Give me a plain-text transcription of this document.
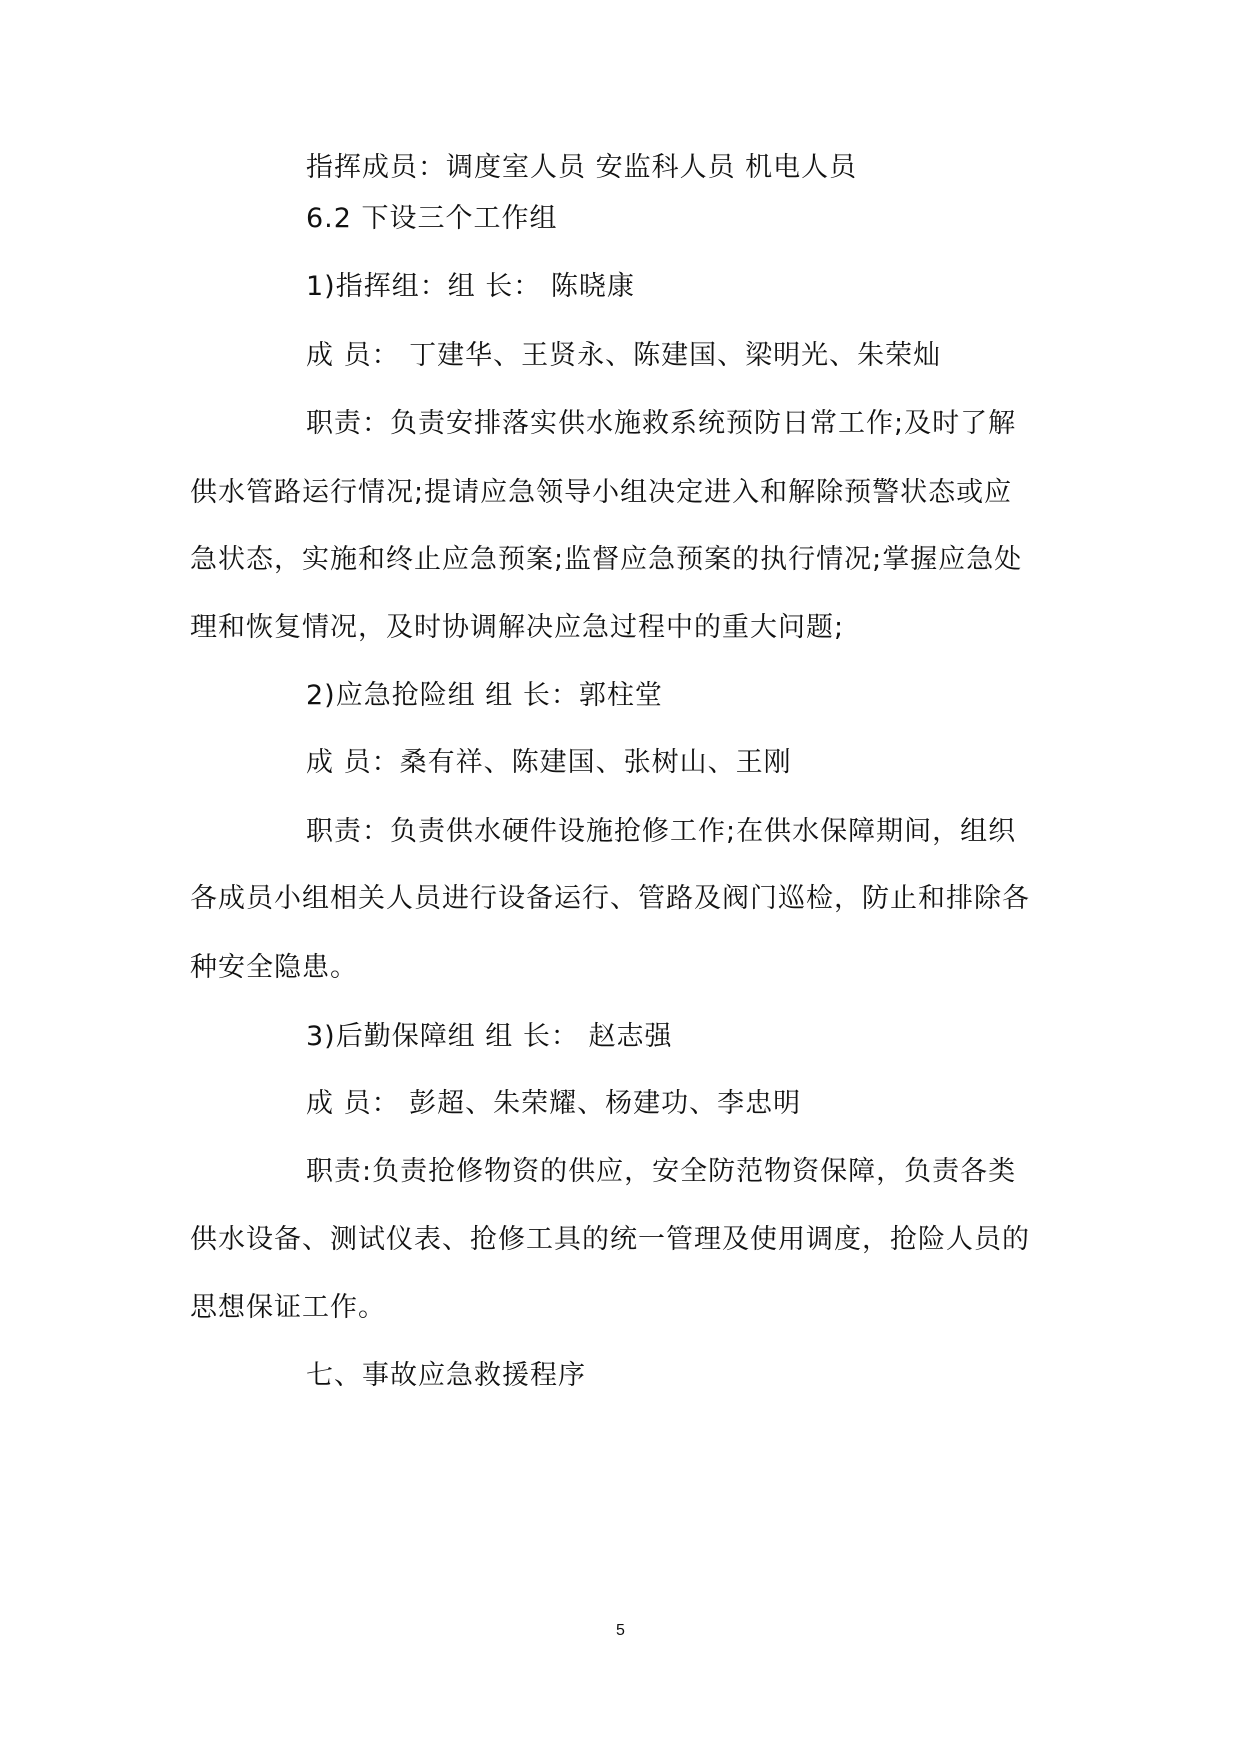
指挥成员：调度室人员 安监科人员 机电人员
6.2 下设三个工作组
1)指挥组：组 长： 陈晓康
成 员： 丁建华、王贤永、陈建国、梁明光、朱荣灿
职责：负责安排落实供水施救系统预防日常工作;及时了解
供水管路运行情况;提请应急领导小组决定进入和解除预警状态或应
急状态，实施和终止应急预案;监督应急预案的执行情况;掌握应急处
理和恢复情况，及时协调解决应急过程中的重大问题;
2)应急抢险组 组 长：郭柱堂
成 员：桑有祥、陈建国、张树山、王刚
职责：负责供水硬件设施抢修工作;在供水保障期间，组织
各成员小组相关人员进行设备运行、管路及阀门巡检，防止和排除各
种安全隐患。
3)后勤保障组 组 长： 赵志强
成 员： 彭超、朱荣耀、杨建功、李忠明
职责:负责抢修物资的供应，安全防范物资保障，负责各类
供水设备、测试仪表、抢修工具的统一管理及使用调度，抢险人员的
思想保证工作。
七、事故应急救援程序
5
